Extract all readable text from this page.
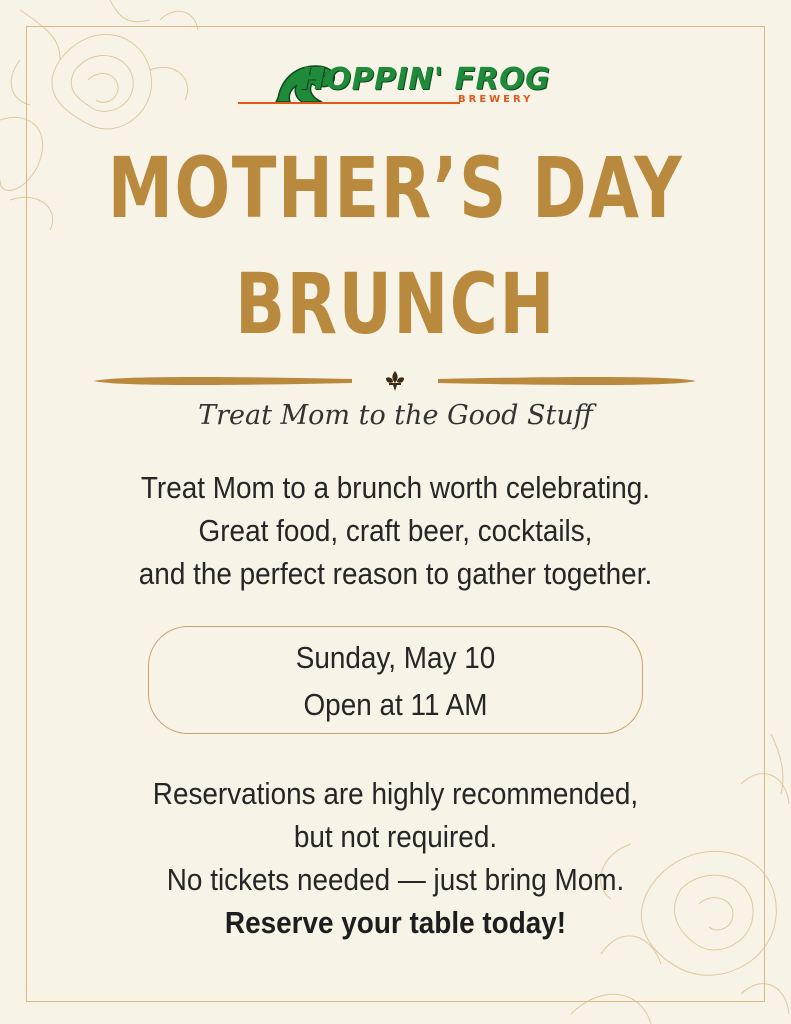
HOPPIN' FROG
BREWERY
MOTHER’S DAY
BRUNCH
Treat Mom to the Good Stuff
Treat Mom to a brunch worth celebrating.
Great food, craft beer, cocktails,
and the perfect reason to gather together.
Sunday, May 10
Open at 11 AM
Reservations are highly recommended,
but not required.
No tickets needed — just bring Mom.
Reserve your table today!
